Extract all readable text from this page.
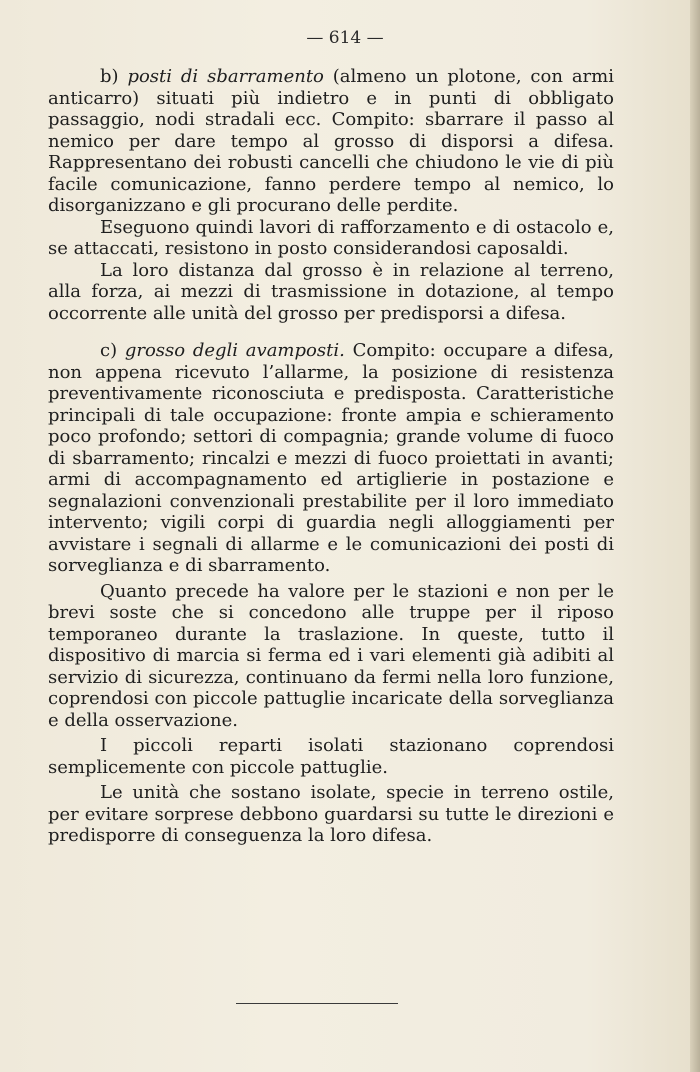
— 614 —

b) posti di sbarramento (almeno un plotone, con armi anticarro) situati più indietro e in punti di obbligato passaggio, nodi stradali ecc. Compito: sbarrare il passo al nemico per dare tempo al grosso di disporsi a difesa. Rappresentano dei robusti cancelli che chiudono le vie di più facile comunicazione, fanno perdere tempo al nemico, lo disorganizzano e gli procurano delle perdite.

Eseguono quindi lavori di rafforzamento e di ostacolo e, se attaccati, resistono in posto considerandosi caposaldi.

La loro distanza dal grosso è in relazione al terreno, alla forza, ai mezzi di trasmissione in dotazione, al tempo occorrente alle unità del grosso per predisporsi a difesa.

c) grosso degli avamposti. Compito: occupare a difesa, non appena ricevuto l’allarme, la posizione di resistenza preventivamente riconosciuta e predisposta. Caratteristiche principali di tale occupazione: fronte ampia e schieramento poco profondo; settori di compagnia; grande volume di fuoco di sbarramento; rincalzi e mezzi di fuoco proiettati in avanti; armi di accompagnamento ed artiglierie in postazione e segnalazioni convenzionali prestabilite per il loro immediato intervento; vigili corpi di guardia negli alloggiamenti per avvistare i segnali di allarme e le comunicazioni dei posti di sorveglianza e di sbarramento.

Quanto precede ha valore per le stazioni e non per le brevi soste che si concedono alle truppe per il riposo temporaneo durante la traslazione. In queste, tutto il dispositivo di marcia si ferma ed i vari elementi già adibiti al servizio di sicurezza, continuano da fermi nella loro funzione, coprendosi con piccole pattuglie incaricate della sorveglianza e della osservazione.

I piccoli reparti isolati stazionano coprendosi semplicemente con piccole pattuglie.

Le unità che sostano isolate, specie in terreno ostile, per evitare sorprese debbono guardarsi su tutte le direzioni e predisporre di conseguenza la loro difesa.
